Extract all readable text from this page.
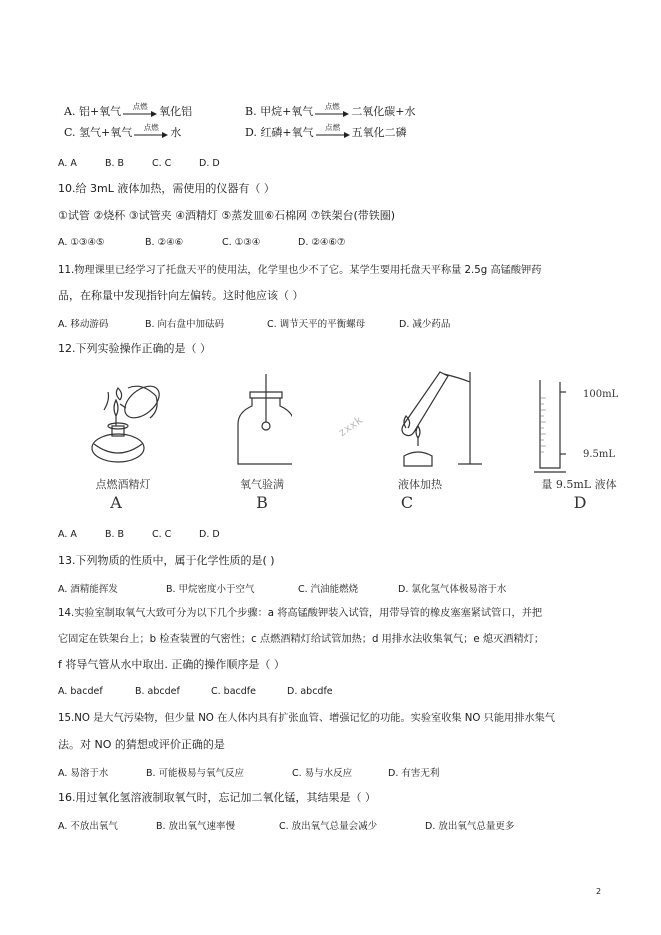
A. 铝+氧气	点燃	氧化铝	B. 甲烷+氧气	点燃	二氧化碳+水
C. 氢气+氧气	点燃	水	D. 红磷+氧气	点燃	五氧化二磷
A. A	B. B	C. C	D. D
10.给 3mL 液体加热，需使用的仪器有（ ）
①试管 ②烧杯 ③试管夹 ④酒精灯 ⑤蒸发皿⑥石棉网 ⑦铁架台(带铁圈)
A. ①③④⑤	B. ②④⑥	C. ①③④	D. ②④⑥⑦
11.物理课里已经学习了托盘天平的使用法，化学里也少不了它。某学生要用托盘天平称量 2.5g 高锰酸钾药
品，在称量中发现指针向左偏转。这时他应该（ ）
A. 移动游码	B. 向右盘中加砝码	C. 调节天平的平衡螺母	D. 减少药品
12.下列实验操作正确的是（ ）
zxxk
100mL
9.5mL
点燃酒精灯	氧气验满	液体加热	量 9.5mL 液体
A	B	C	D
A. A	B. B	C. C	D. D
13.下列物质的性质中，属于化学性质的是( )
A. 酒精能挥发	B. 甲烷密度小于空气	C. 汽油能燃烧	D. 氯化氢气体极易溶于水
14.实验室制取氧气大致可分为以下几个步骤：a 将高锰酸钾装入试管，用带导管的橡皮塞塞紧试管口，并把
它固定在铁架台上；b 检查装置的气密性；c 点燃酒精灯给试管加热；d 用排水法收集氧气；e 熄灭酒精灯；
f 将导气管从水中取出. 正确的操作顺序是（ ）
A. bacdef	B. abcdef	C. bacdfe	D. abcdfe
15.NO 是大气污染物，但少量 NO 在人体内具有扩张血管、增强记忆的功能。实验室收集 NO 只能用排水集气
法。对 NO 的猜想或评价正确的是
A. 易溶于水	B. 可能极易与氧气反应	C. 易与水反应	D. 有害无利
16.用过氧化氢溶液制取氧气时，忘记加二氧化锰，其结果是（ ）
A. 不放出氧气	B. 放出氧气速率慢	C. 放出氧气总量会减少	D. 放出氧气总量更多
2
